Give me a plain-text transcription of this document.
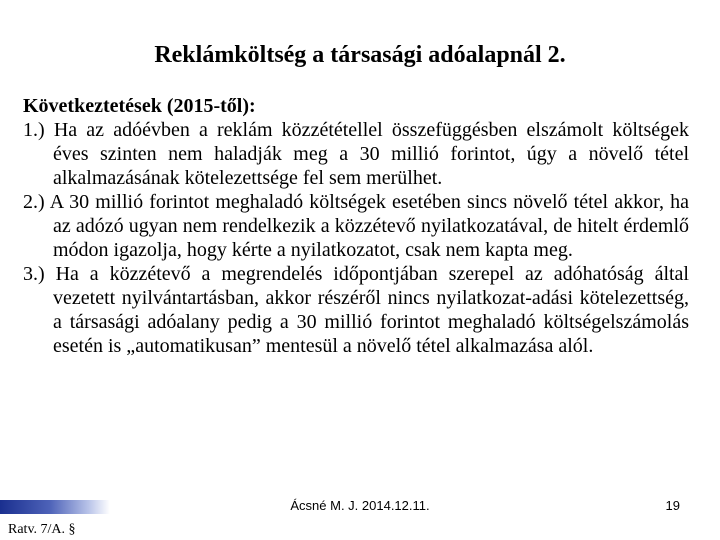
Reklámköltség a társasági adóalapnál 2.

Következtetések (2015-től):

1.) Ha az adóévben a reklám közzététellel összefüggésben elszámolt költségek éves szinten nem haladják meg a 30 millió forintot, úgy a növelő tétel alkalmazásának kötelezettsége fel sem merülhet.

2.) A 30 millió forintot meghaladó költségek esetében sincs növelő tétel akkor, ha az adózó ugyan nem rendelkezik a közzétevő nyilatkozatával, de hitelt érdemlő módon igazolja, hogy kérte a nyilatkozatot, csak nem kapta meg.

3.) Ha a közzétevő a megrendelés időpontjában szerepel az adóhatóság által vezetett nyilvántartásban, akkor részéről nincs nyilatkozat-adási kötelezettség, a társasági adóalany pedig a 30 millió forintot meghaladó költségelszámolás esetén is „automatikusan” mentesül a növelő tétel alkalmazása alól.

Ácsné M. J. 2014.12.11.	19
Ratv. 7/A. §
